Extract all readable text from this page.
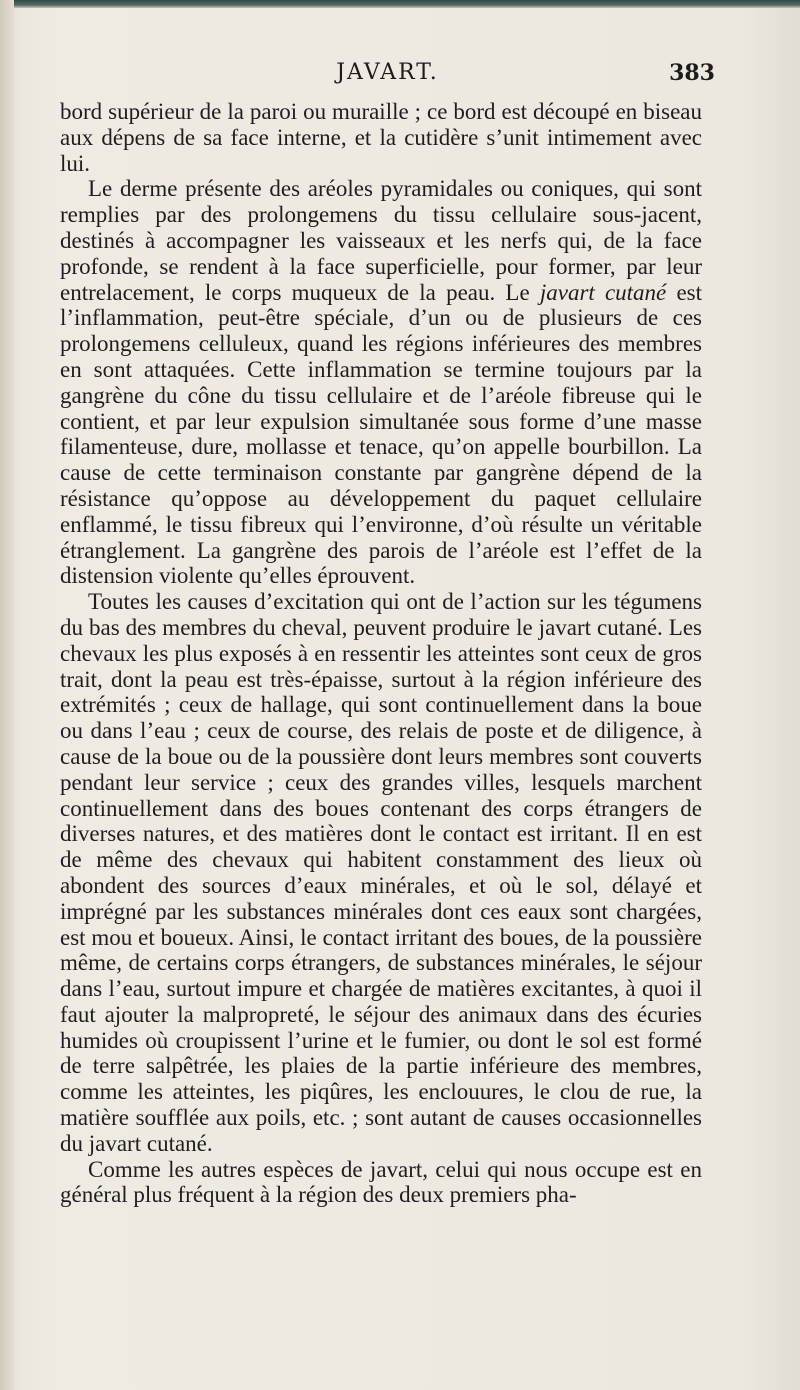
JAVART.	383

bord supérieur de la paroi ou muraille ; ce bord est découpé en biseau aux dépens de sa face interne, et la cutidère s’unit intimement avec lui.

Le derme présente des aréoles pyramidales ou coniques, qui sont remplies par des prolongemens du tissu cellulaire sous-jacent, destinés à accompagner les vaisseaux et les nerfs qui, de la face profonde, se rendent à la face superficielle, pour former, par leur entrelacement, le corps muqueux de la peau. Le javart cutané est l’inflammation, peut-être spéciale, d’un ou de plusieurs de ces prolongemens celluleux, quand les régions inférieures des membres en sont attaquées. Cette inflammation se termine toujours par la gangrène du cône du tissu cellulaire et de l’aréole fibreuse qui le contient, et par leur expulsion simultanée sous forme d’une masse filamenteuse, dure, mollasse et tenace, qu’on appelle bourbillon. La cause de cette terminaison constante par gangrène dépend de la résistance qu’oppose au développement du paquet cellulaire enflammé, le tissu fibreux qui l’environne, d’où résulte un véritable étranglement. La gangrène des parois de l’aréole est l’effet de la distension violente qu’elles éprouvent.

Toutes les causes d’excitation qui ont de l’action sur les tégumens du bas des membres du cheval, peuvent produire le javart cutané. Les chevaux les plus exposés à en ressentir les atteintes sont ceux de gros trait, dont la peau est très-épaisse, surtout à la région inférieure des extrémités ; ceux de hallage, qui sont continuellement dans la boue ou dans l’eau ; ceux de course, des relais de poste et de diligence, à cause de la boue ou de la poussière dont leurs membres sont couverts pendant leur service ; ceux des grandes villes, lesquels marchent continuellement dans des boues contenant des corps étrangers de diverses natures, et des matières dont le contact est irritant. Il en est de même des chevaux qui habitent constamment des lieux où abondent des sources d’eaux minérales, et où le sol, délayé et imprégné par les substances minérales dont ces eaux sont chargées, est mou et boueux. Ainsi, le contact irritant des boues, de la poussière même, de certains corps étrangers, de substances minérales, le séjour dans l’eau, surtout impure et chargée de matières excitantes, à quoi il faut ajouter la malpropreté, le séjour des animaux dans des écuries humides où croupissent l’urine et le fumier, ou dont le sol est formé de terre salpêtrée, les plaies de la partie inférieure des membres, comme les atteintes, les piqûres, les enclouures, le clou de rue, la matière soufflée aux poils, etc. ; sont autant de causes occasionnelles du javart cutané.

Comme les autres espèces de javart, celui qui nous occupe est en général plus fréquent à la région des deux premiers pha-
